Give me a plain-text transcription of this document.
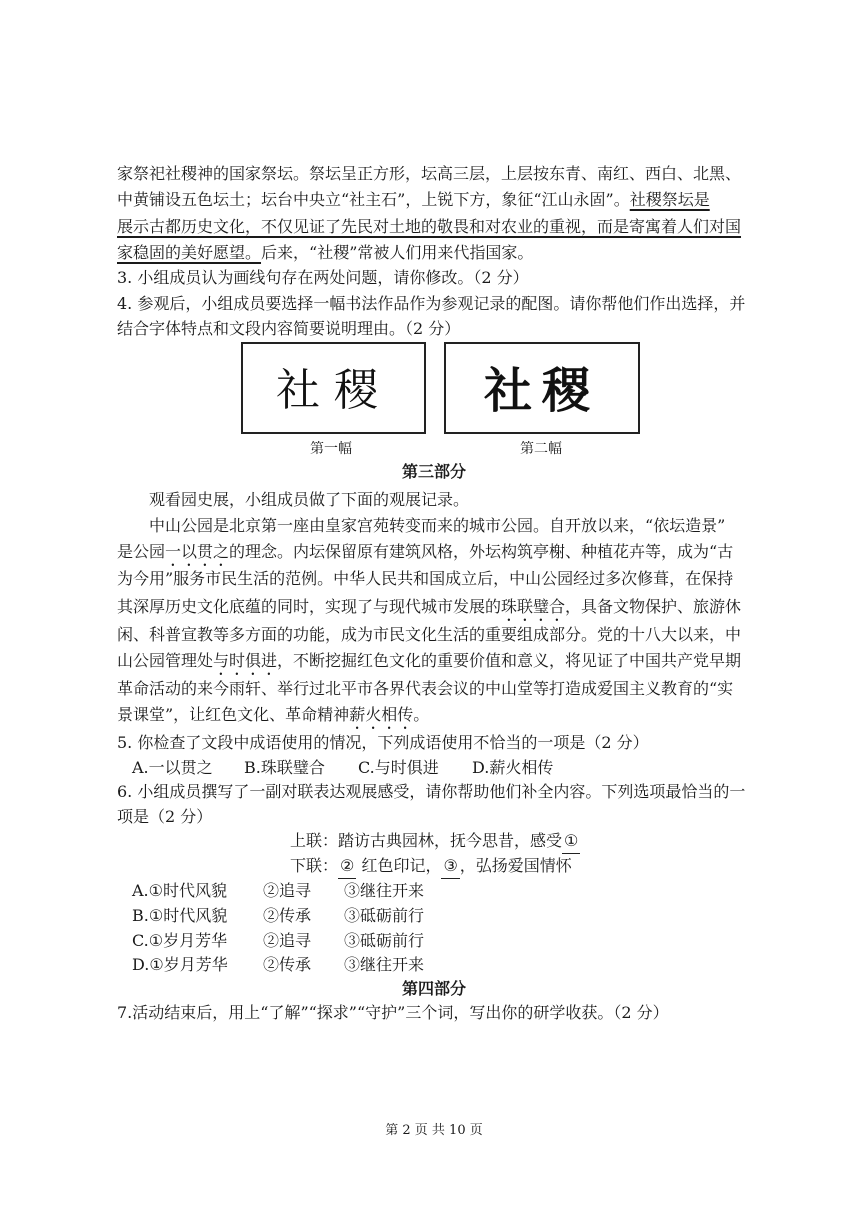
家祭祀社稷神的国家祭坛。祭坛呈正方形，坛高三层，上层按东青、南红、西白、北黑、
中黄铺设五色坛土；坛台中央立“社主石”，上锐下方，象征“江山永固”。社稷祭坛是
展示古都历史文化，不仅见证了先民对土地的敬畏和对农业的重视，而是寄寓着人们对国
家稳固的美好愿望。后来，“社稷”常被人们用来代指国家。
3. 小组成员认为画线句存在两处问题，请你修改。（2 分）
4. 参观后，小组成员要选择一幅书法作品作为参观记录的配图。请你帮他们作出选择，并
结合字体特点和文段内容简要说明理由。（2 分）
社稷 社稷
第一幅	第二幅
第三部分
观看园史展，小组成员做了下面的观展记录。
中山公园是北京第一座由皇家宫苑转变而来的城市公园。自开放以来，“依坛造景”
是公园一以贯之的理念。内坛保留原有建筑风格，外坛构筑亭榭、种植花卉等，成为“古
为今用”服务市民生活的范例。中华人民共和国成立后，中山公园经过多次修葺，在保持
其深厚历史文化底蕴的同时，实现了与现代城市发展的珠联璧合，具备文物保护、旅游休
闲、科普宣教等多方面的功能，成为市民文化生活的重要组成部分。党的十八大以来，中
山公园管理处与时俱进，不断挖掘红色文化的重要价值和意义，将见证了中国共产党早期
革命活动的来今雨轩、举行过北平市各界代表会议的中山堂等打造成爱国主义教育的“实
景课堂”，让红色文化、革命精神薪火相传。
5. 你检查了文段中成语使用的情况，下列成语使用不恰当的一项是（2 分）
A.一以贯之 B.珠联璧合 C.与时俱进 D.薪火相传
6. 小组成员撰写了一副对联表达观展感受，请你帮助他们补全内容。下列选项最恰当的一
项是（2 分）
上联：踏访古典园林，抚今思昔，感受 ①
下联： ② 红色印记， ③ ，弘扬爱国情怀
A.①时代风貌 ②追寻 ③继往开来
B.①时代风貌 ②传承 ③砥砺前行
C.①岁月芳华 ②追寻 ③砥砺前行
D.①岁月芳华 ②传承 ③继往开来
第四部分
7.活动结束后，用上“了解”“探求”“守护”三个词，写出你的研学收获。（2 分）
第 2 页 共 10 页
